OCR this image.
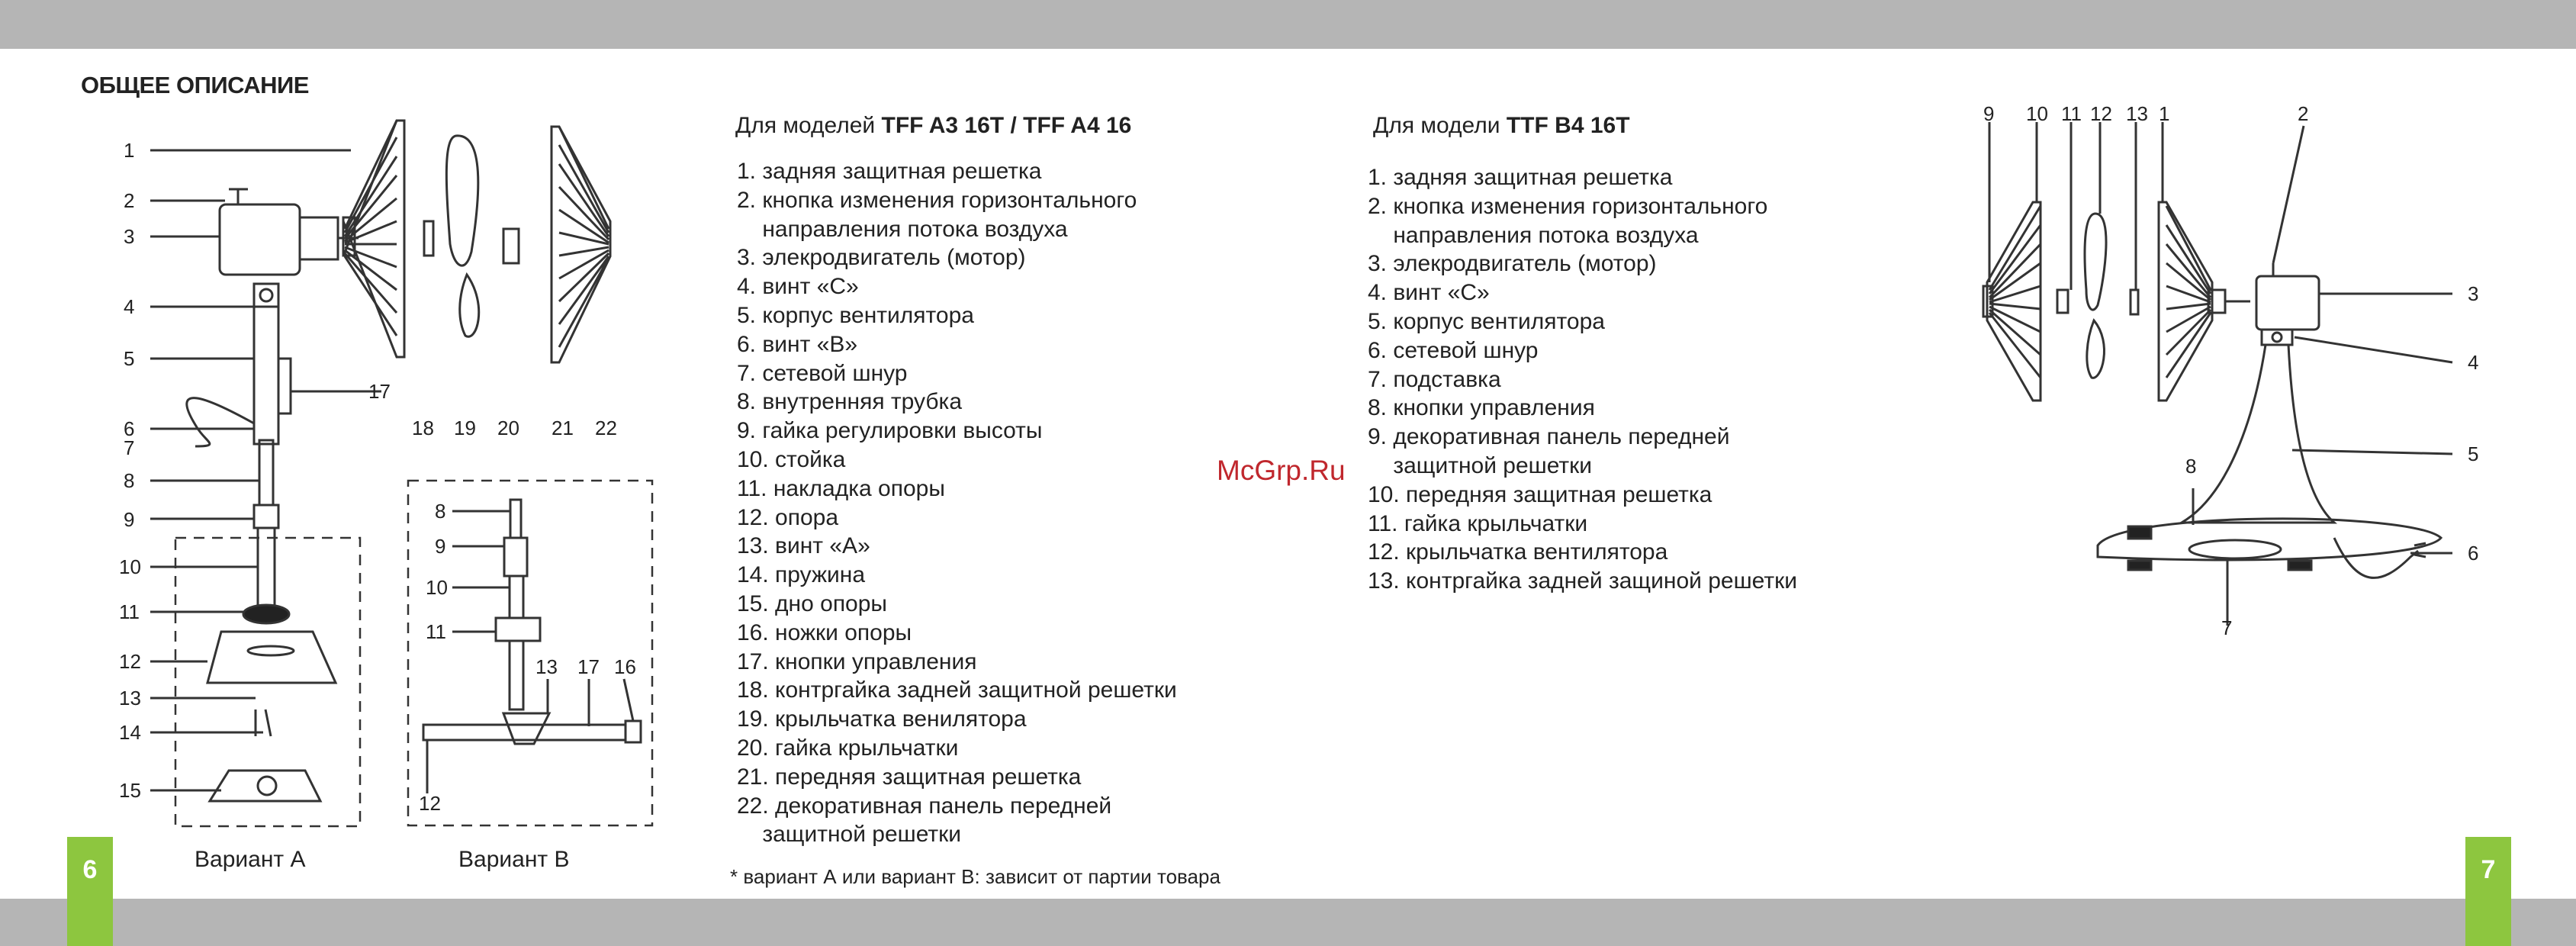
6	7
ОБЩЕЕ ОПИСАНИЕ
1
2
3
4
5
6
7
8
9
10
11
12
13
14
15
17
18 19 20 21 22
8
9
10
11
13 17 16
12
Вариант А	Вариант В
Для моделей TFF A3 16T / TFF A4 16
1. задняя защитная решетка
2. кнопка изменения горизонтального
направления потока воздуха
3. элекродвигатель (мотор)
4. винт «С»
5. корпус вентилятора
6. винт «В»
7. сетевой шнур
8. внутренняя трубка
9. гайка регулировки высоты
10. стойка
11. накладка опоры
12. опора
13. винт «А»
14. пружина
15. дно опоры
16. ножки опоры
17. кнопки управления
18. контргайка задней защитной решетки
19. крыльчатка венилятора
20. гайка крыльчатки
21. передняя защитная решетка
22. декоративная панель передней
защитной решетки
* вариант А или вариант В: зависит от партии товара
McGrp.Ru
Для модели TTF B4 16T
1. задняя защитная решетка
2. кнопка изменения горизонтального
направления потока воздуха
3. элекродвигатель (мотор)
4. винт «С»
5. корпус вентилятора
6. сетевой шнур
7. подставка
8. кнопки управления
9. декоративная панель передней
защитной решетки
10. передняя защитная решетка
11. гайка крыльчатки
12. крыльчатка вентилятора
13. контргайка задней защиной решетки
9 10 11 12 13 1	2
3
4
5
6
8
7
